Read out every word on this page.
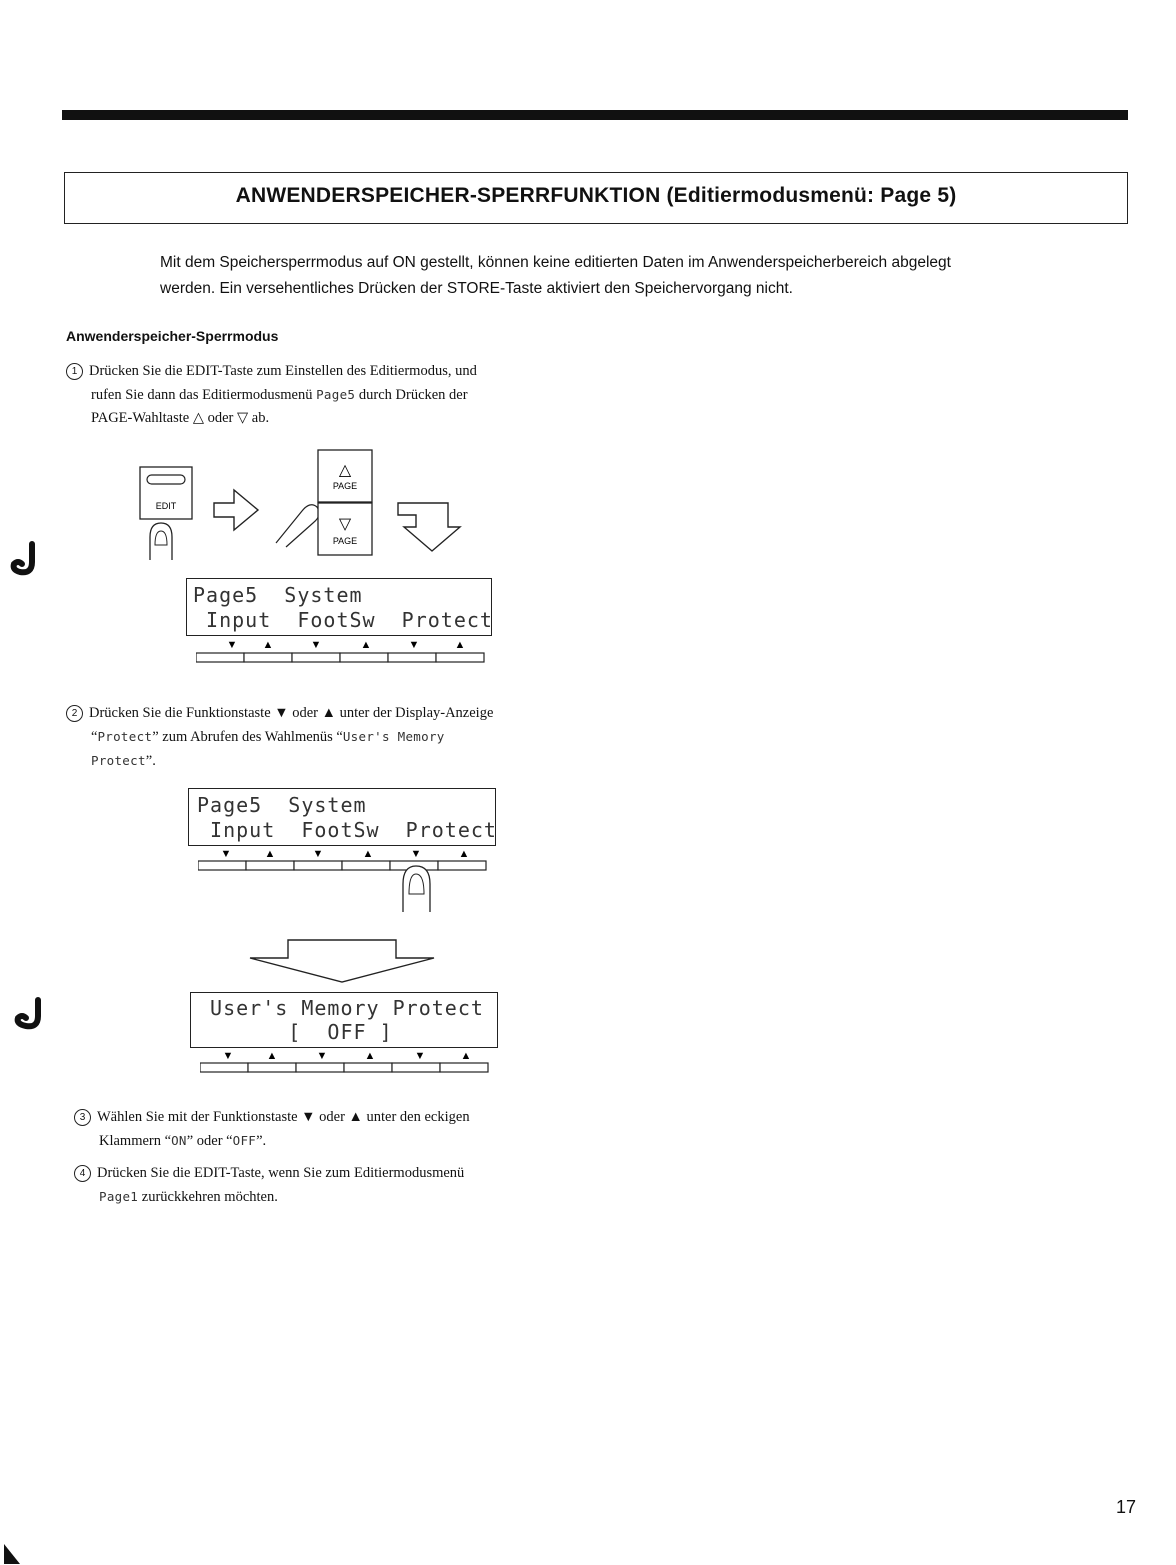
ANWENDERSPEICHER-SPERRFUNKTION (Editiermodusmenü: Page 5)
Mit dem Speichersperrmodus auf ON gestellt, können keine editierten Daten im Anwenderspeicherbereich abgelegt
werden. Ein versehentliches Drücken der STORE-Taste aktiviert den Speichervorgang nicht.
Anwenderspeicher-Sperrmodus
1 Drücken Sie die EDIT-Taste zum Einstellen des Editiermodus, und
rufen Sie dann das Editiermodusmenü Page5 durch Drücken der
PAGE-Wahltaste △ oder ▽ ab.
EDIT
△
PAGE
▽
PAGE
Page5  System
Input  FootSw  Protect
▼ ▲	▼	▲	▼	▲
2 Drücken Sie die Funktionstaste ▼ oder ▲ unter der Display-Anzeige
“Protect” zum Abrufen des Wahlmenüs “User's Memory
Protect”.
Page5  System
Input  FootSw  Protect
▼	▲	▼	▲	▼	▲
User's Memory Protect
[  OFF ]
▼	▲	▼	▲	▼	▲
3 Wählen Sie mit der Funktionstaste ▼ oder ▲ unter den eckigen
Klammern “ON” oder “OFF”.
4 Drücken Sie die EDIT-Taste, wenn Sie zum Editiermodusmenü
Page1 zurückkehren möchten.
17
